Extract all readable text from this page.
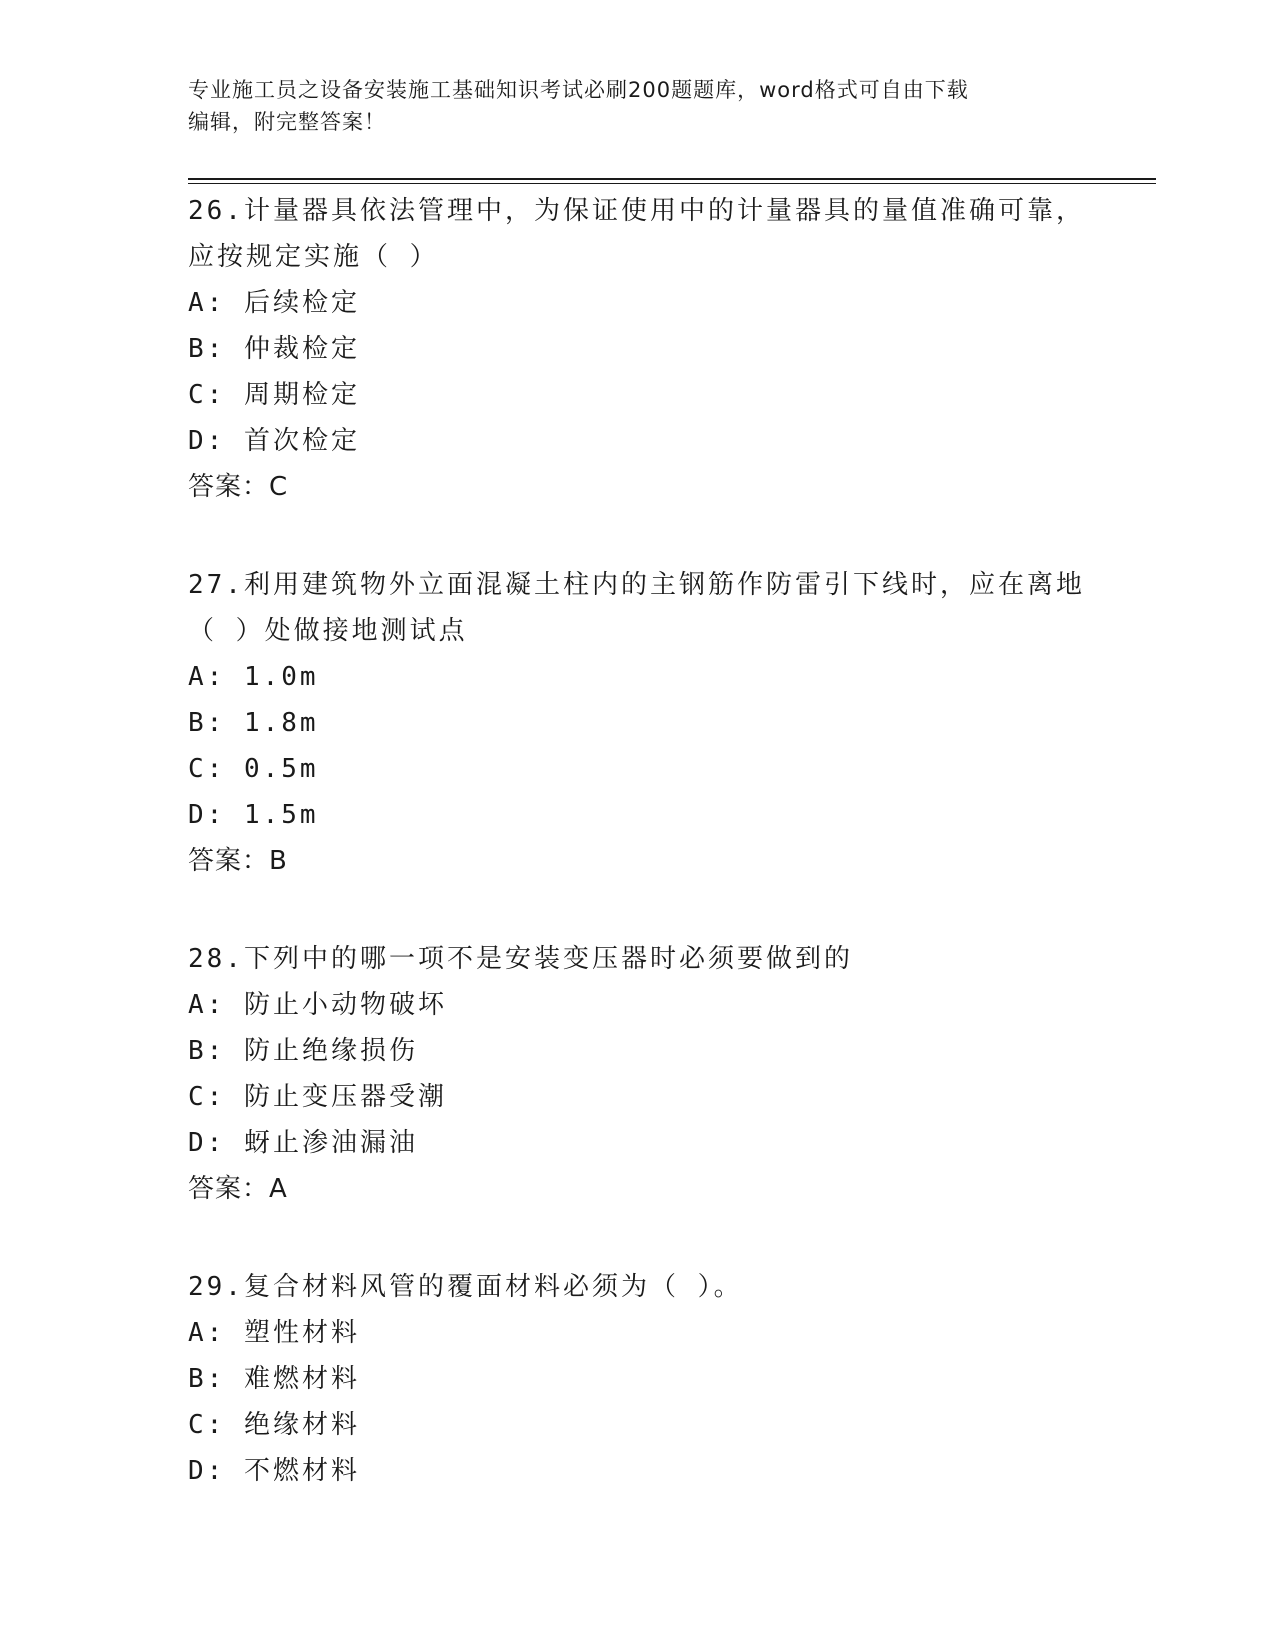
专业施工员之设备安装施工基础知识考试必刷200题题库，word格式可自由下载
编辑，附完整答案！

26.计量器具依法管理中，为保证使用中的计量器具的量值准确可靠，

应按规定实施（ ）

A: 后续检定

B: 仲裁检定

C: 周期检定

D: 首次检定

答案：C

27.利用建筑物外立面混凝土柱内的主钢筋作防雷引下线时，应在离地

（ ）处做接地测试点

A: 1.0m

B: 1.8m

C: 0.5m

D: 1.5m

答案：B

28.下列中的哪一项不是安装变压器时必须要做到的

A: 防止小动物破坏

B: 防止绝缘损伤

C: 防止变压器受潮

D: 蚜止渗油漏油

答案：A

29.复合材料风管的覆面材料必须为（ ）。

A: 塑性材料

B: 难燃材料

C: 绝缘材料

D: 不燃材料
